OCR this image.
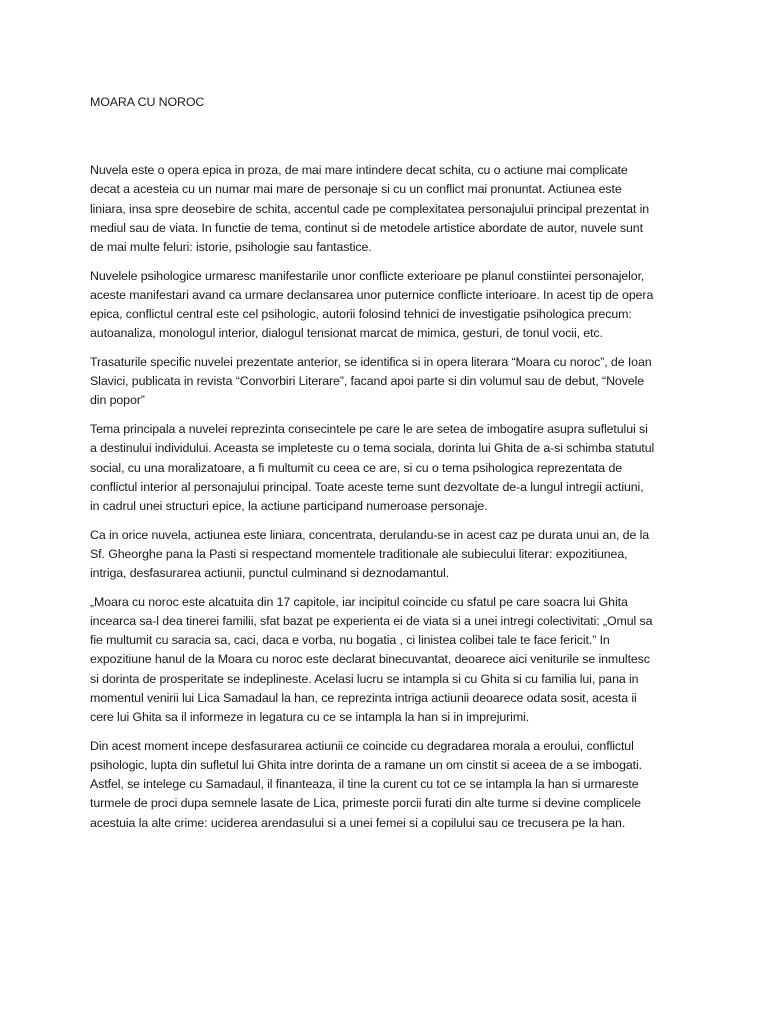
MOARA CU NOROC

Nuvela este o opera epica in proza, de mai mare intindere decat schita, cu o actiune mai complicate decat a acesteia cu un numar mai mare de personaje si cu un conflict mai pronuntat. Actiunea este liniara, insa spre deosebire de schita, accentul cade pe complexitatea personajului principal prezentat in mediul sau de viata. In functie de tema, continut si de metodele artistice abordate de autor, nuvele sunt de mai multe feluri: istorie, psihologie sau fantastice.

Nuvelele psihologice urmaresc manifestarile unor conflicte exterioare pe planul constiintei personajelor, aceste manifestari avand ca urmare declansarea unor puternice conflicte interioare. In acest tip de opera epica, conflictul central este cel psihologic, autorii folosind tehnici de investigatie psihologica precum: autoanaliza, monologul interior, dialogul tensionat marcat de mimica, gesturi, de tonul vocii, etc.

Trasaturile specific nuvelei prezentate anterior, se identifica si in opera literara “Moara cu noroc”, de Ioan Slavici, publicata in revista “Convorbiri Literare”, facand apoi parte si din volumul sau de debut, “Novele din popor”

Tema principala a nuvelei reprezinta consecintele pe care le are setea de imbogatire asupra sufletului si a destinului individului. Aceasta se impleteste cu o tema sociala, dorinta lui Ghita de a-si schimba statutul social, cu una moralizatoare, a fi multumit cu ceea ce are, si cu o tema psihologica reprezentata de conflictul interior al personajului principal. Toate aceste teme sunt dezvoltate de-a lungul intregii actiuni, in cadrul unei structuri epice, la actiune participand numeroase personaje.

Ca in orice nuvela, actiunea este liniara, concentrata, derulandu-se in acest caz pe durata unui an, de la Sf. Gheorghe pana la Pasti si respectand momentele traditionale ale subiecului literar: expozitiunea, intriga, desfasurarea actiunii, punctul culminand si deznodamantul.

„Moara cu noroc este alcatuita din 17 capitole, iar incipitul coincide cu sfatul pe care soacra lui Ghita incearca sa-l dea tinerei familii, sfat bazat pe experienta ei de viata si a unei intregi colectivitati: „Omul sa fie multumit cu saracia sa, caci, daca e vorba, nu bogatia , ci linistea colibei tale te face fericit.” In expozitiune hanul de la Moara cu noroc este declarat binecuvantat, deoarece aici veniturile se inmultesc si dorinta de prosperitate se indeplineste. Acelasi lucru se intampla si cu Ghita si cu familia lui, pana in momentul venirii lui Lica Samadaul la han, ce reprezinta intriga actiunii deoarece odata sosit, acesta ii cere lui Ghita sa il informeze in legatura cu ce se intampla la han si in imprejurimi.

Din acest moment incepe desfasurarea actiunii ce coincide cu degradarea morala a eroului, conflictul psihologic, lupta din sufletul lui Ghita intre dorinta de a ramane un om cinstit si aceea de a se imbogati. Astfel, se intelege cu Samadaul, il finanteaza, il tine la curent cu tot ce se intampla la han si urmareste turmele de proci dupa semnele lasate de Lica, primeste porcii furati din alte turme si devine complicele acestuia la alte crime: uciderea arendasului si a unei femei si a copilului sau ce trecusera pe la han.
